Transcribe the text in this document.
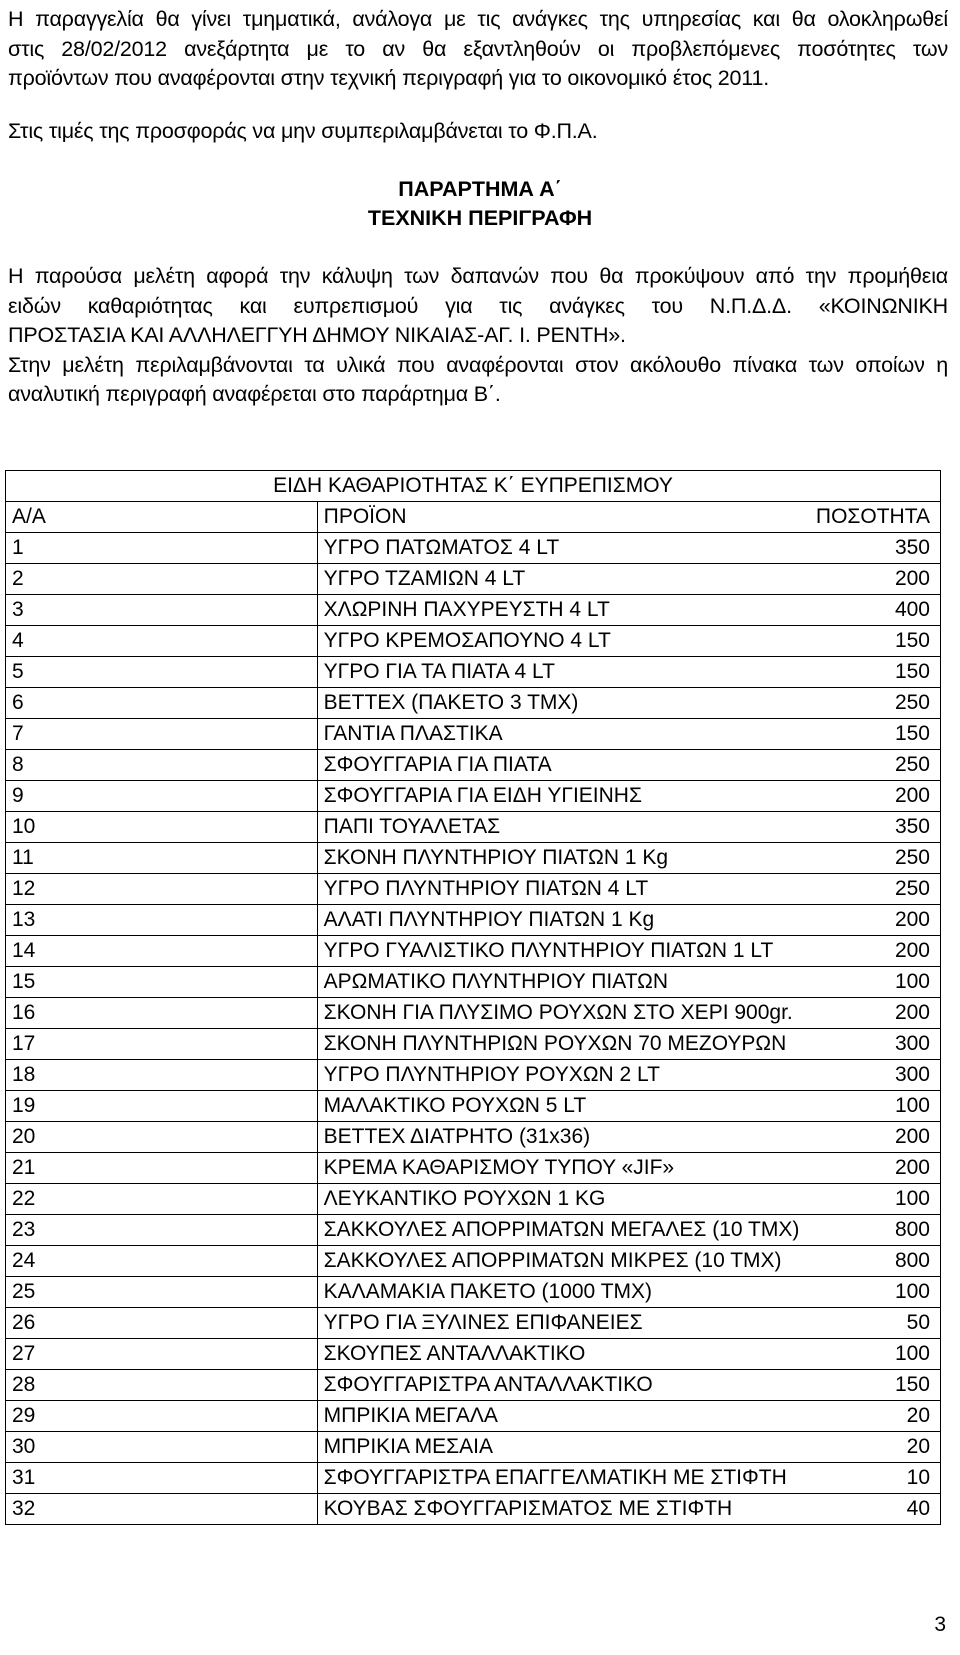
Η παραγγελία θα γίνει τμηματικά, ανάλογα με τις ανάγκες της υπηρεσίας και θα ολοκληρωθεί
στις 28/02/2012 ανεξάρτητα με το αν θα εξαντληθούν οι προβλεπόμενες ποσότητες των
προϊόντων που αναφέρονται στην τεχνική περιγραφή για το οικονομικό έτος 2011.
Στις τιμές της προσφοράς να μην συμπεριλαμβάνεται το Φ.Π.Α.
ΠΑΡΑΡΤΗΜΑ Α΄
ΤΕΧΝΙΚΗ ΠΕΡΙΓΡΑΦΗ
Η παρούσα μελέτη αφορά την κάλυψη των δαπανών που θα προκύψουν από την προμήθεια
ειδών καθαριότητας και ευπρεπισμού για τις ανάγκες του Ν.Π.Δ.Δ. «ΚΟΙΝΩΝΙΚΗ
ΠΡΟΣΤΑΣΙΑ ΚΑΙ ΑΛΛΗΛΕΓΓΥΗ ΔΗΜΟΥ ΝΙΚΑΙΑΣ-ΑΓ. Ι. ΡΕΝΤΗ».
Στην μελέτη περιλαμβάνονται τα υλικά που αναφέρονται στον ακόλουθο πίνακα των οποίων η
αναλυτική περιγραφή αναφέρεται στο παράρτημα Β΄.
ΕΙΔΗ ΚΑΘΑΡΙΟΤΗΤΑΣ Κ΄ ΕΥΠΡΕΠΙΣΜΟΥ		
Α/Α	ΠΡΟΪΟΝ	ΠΟΣΟΤΗΤΑ
1	ΥΓΡΟ ΠΑΤΩΜΑΤΟΣ 4 LT	350
2	ΥΓΡΟ ΤΖΑΜΙΩΝ 4 LT	200
3	ΧΛΩΡΙΝΗ ΠΑΧΥΡΕΥΣΤΗ 4 LT	400
4	ΥΓΡΟ ΚΡΕΜΟΣΑΠΟΥΝΟ 4 LT	150
5	ΥΓΡΟ ΓΙΑ ΤΑ ΠΙΑΤΑ 4 LT	150
6	ΒΕΤΤΕΧ (ΠΑΚΕΤΟ 3 ΤΜΧ)	250
7	ΓΑΝΤΙΑ ΠΛΑΣΤΙΚΑ	150
8	ΣΦΟΥΓΓΑΡΙΑ ΓΙΑ ΠΙΑΤΑ	250
9	ΣΦΟΥΓΓΑΡΙΑ ΓΙΑ ΕΙΔΗ ΥΓΙΕΙΝΗΣ	200
10	ΠΑΠΙ ΤΟΥΑΛΕΤΑΣ	350
11	ΣΚΟΝΗ ΠΛΥΝΤΗΡΙΟΥ ΠΙΑΤΩΝ 1 Kg	250
12	ΥΓΡΟ ΠΛΥΝΤΗΡΙΟΥ ΠΙΑΤΩΝ 4 LT	250
13	ΑΛΑΤΙ ΠΛΥΝΤΗΡΙΟΥ ΠΙΑΤΩΝ 1 Kg	200
14	ΥΓΡΟ ΓΥΑΛΙΣΤΙΚΟ ΠΛΥΝΤΗΡΙΟΥ ΠΙΑΤΩΝ 1 LT	200
15	ΑΡΩΜΑΤΙΚΟ ΠΛΥΝΤΗΡΙΟΥ ΠΙΑΤΩΝ	100
16	ΣΚΟΝΗ ΓΙΑ ΠΛΥΣΙΜΟ ΡΟΥΧΩΝ ΣΤΟ ΧΕΡΙ 900gr.	200
17	ΣΚΟΝΗ ΠΛΥΝΤΗΡΙΩΝ ΡΟΥΧΩΝ 70 ΜΕΖΟΥΡΩΝ	300
18	ΥΓΡΟ ΠΛΥΝΤΗΡΙΟΥ ΡΟΥΧΩΝ 2 LT	300
19	ΜΑΛΑΚΤΙΚΟ ΡΟΥΧΩΝ 5 LT	100
20	ΒΕΤΤΕΧ ΔΙΑΤΡΗΤΟ (31x36)	200
21	ΚΡΕΜΑ ΚΑΘΑΡΙΣΜΟΥ ΤΥΠΟΥ «JIF»	200
22	ΛΕΥΚΑΝΤΙΚΟ ΡΟΥΧΩΝ 1 KG	100
23	ΣΑΚΚΟΥΛΕΣ ΑΠΟΡΡΙΜΑΤΩΝ ΜΕΓΑΛΕΣ (10 ΤΜΧ)	800
24	ΣΑΚΚΟΥΛΕΣ ΑΠΟΡΡΙΜΑΤΩΝ ΜΙΚΡΕΣ (10 ΤΜΧ)	800
25	ΚΑΛΑΜΑΚΙΑ ΠΑΚΕΤΟ (1000 ΤΜΧ)	100
26	ΥΓΡΟ ΓΙΑ ΞΥΛΙΝΕΣ ΕΠΙΦΑΝΕΙΕΣ	50
27	ΣΚΟΥΠΕΣ ΑΝΤΑΛΛΑΚΤΙΚΟ	100
28	ΣΦΟΥΓΓΑΡΙΣΤΡΑ ΑΝΤΑΛΛΑΚΤΙΚΟ	150
29	ΜΠΡΙΚΙΑ ΜΕΓΑΛΑ	20
30	ΜΠΡΙΚΙΑ ΜΕΣΑΙΑ	20
31	ΣΦΟΥΓΓΑΡΙΣΤΡΑ ΕΠΑΓΓΕΛΜΑΤΙΚΗ ΜΕ ΣΤΙΦΤΗ	10
32	ΚΟΥΒΑΣ ΣΦΟΥΓΓΑΡΙΣΜΑΤΟΣ ΜΕ ΣΤΙΦΤΗ	40
3
